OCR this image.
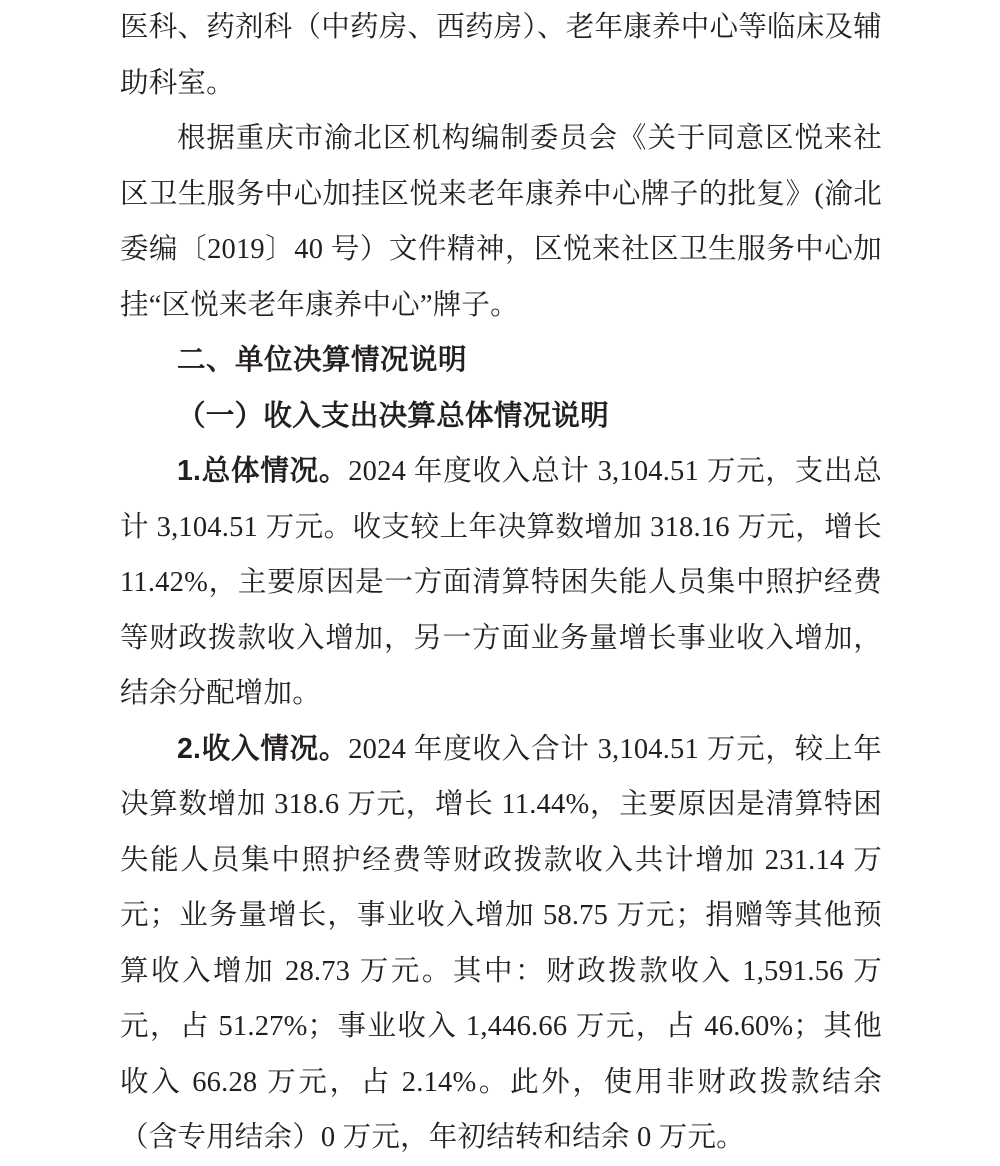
医科、药剂科（中药房、西药房）、老年康养中心等临床及辅助科室。

根据重庆市渝北区机构编制委员会《关于同意区悦来社区卫生服务中心加挂区悦来老年康养中心牌子的批复》(渝北委编〔2019〕40 号）文件精神，区悦来社区卫生服务中心加挂“区悦来老年康养中心”牌子。

二、单位决算情况说明

（一）收入支出决算总体情况说明

1.总体情况。2024 年度收入总计 3,104.51 万元，支出总计 3,104.51 万元。收支较上年决算数增加 318.16 万元，增长 11.42%，主要原因是一方面清算特困失能人员集中照护经费等财政拨款收入增加，另一方面业务量增长事业收入增加，结余分配增加。

2.收入情况。2024 年度收入合计 3,104.51 万元，较上年决算数增加 318.6 万元，增长 11.44%，主要原因是清算特困失能人员集中照护经费等财政拨款收入共计增加 231.14 万元；业务量增长，事业收入增加 58.75 万元；捐赠等其他预算收入增加 28.73 万元。其中：财政拨款收入 1,591.56 万元，占 51.27%；事业收入 1,446.66 万元，占 46.60%；其他收入 66.28 万元，占 2.14%。此外，使用非财政拨款结余（含专用结余）0 万元，年初结转和结余 0 万元。
